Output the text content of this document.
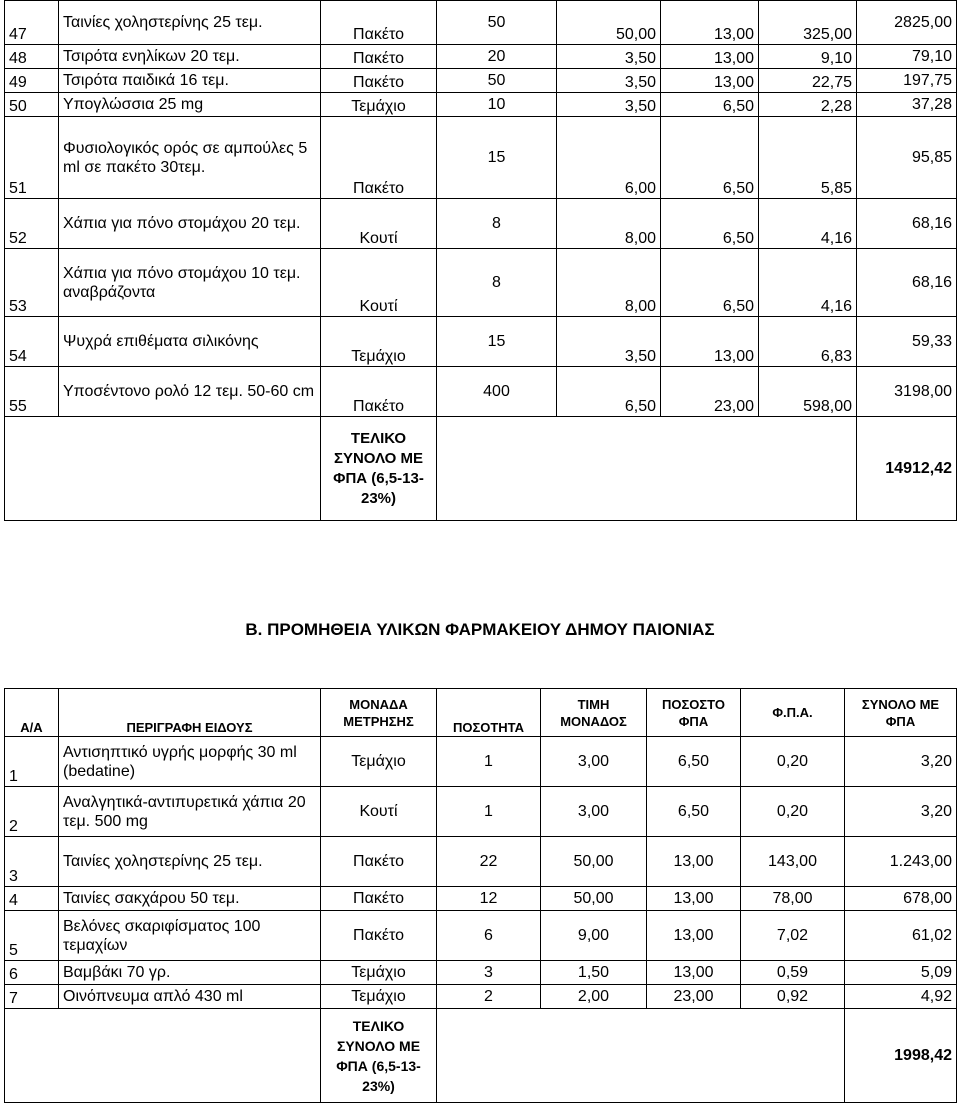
47	Ταινίες χοληστερίνης 25 τεμ.	Πακέτο	50	50,00	13,00	325,00	2825,00
48	Τσιρότα ενηλίκων 20 τεμ.	Πακέτο	20	3,50	13,00	9,10	79,10
49	Τσιρότα παιδικά 16 τεμ.	Πακέτο	50	3,50	13,00	22,75	197,75
50	Υπογλώσσια 25 mg	Τεμάχιο	10	3,50	6,50	2,28	37,28
51	Φυσιολογικός ορός σε αμπούλες 5 ml σε πακέτο 30τεμ.	Πακέτο	15	6,00	6,50	5,85	95,85
52	Χάπια για πόνο στομάχου 20 τεμ.	Κουτί	8	8,00	6,50	4,16	68,16
53	Χάπια για πόνο στομάχου 10 τεμ. αναβράζοντα	Κουτί	8	8,00	6,50	4,16	68,16
54	Ψυχρά επιθέματα σιλικόνης	Τεμάχιο	15	3,50	13,00	6,83	59,33
55	Υποσέντονο ρολό 12 τεμ. 50-60 cm	Πακέτο	400	6,50	23,00	598,00	3198,00
		ΤΕΛΙΚΟ ΣΥΝΟΛΟ ΜΕ ΦΠΑ (6,5-13-23%)					14912,42
Β. ΠΡΟΜΗΘΕΙΑ ΥΛΙΚΩΝ ΦΑΡΜΑΚΕΙΟΥ ΔΗΜΟΥ ΠΑΙΟΝΙΑΣ
Α/Α	ΠΕΡΙΓΡΑΦΗ ΕΙΔΟΥΣ	ΜΟΝΑΔΑ ΜΕΤΡΗΣΗΣ	ΠΟΣΟΤΗΤΑ	ΤΙΜΗ ΜΟΝΑΔΟΣ	ΠΟΣΟΣΤΟ ΦΠΑ	Φ.Π.Α.	ΣΥΝΟΛΟ ΜΕ ΦΠΑ
1	Αντισηπτικό υγρής μορφής 30 ml (bedatine)	Τεμάχιο	1	3,00	6,50	0,20	3,20
2	Αναλγητικά-αντιπυρετικά χάπια 20 τεμ. 500 mg	Κουτί	1	3,00	6,50	0,20	3,20
3	Ταινίες χοληστερίνης 25 τεμ.	Πακέτο	22	50,00	13,00	143,00	1.243,00
4	Ταινίες σακχάρου 50 τεμ.	Πακέτο	12	50,00	13,00	78,00	678,00
5	Βελόνες σκαριφίσματος 100 τεμαχίων	Πακέτο	6	9,00	13,00	7,02	61,02
6	Βαμβάκι 70 γρ.	Τεμάχιο	3	1,50	13,00	0,59	5,09
7	Οινόπνευμα απλό 430 ml	Τεμάχιο	2	2,00	23,00	0,92	4,92
		ΤΕΛΙΚΟ ΣΥΝΟΛΟ ΜΕ ΦΠΑ (6,5-13-23%)					1998,42
